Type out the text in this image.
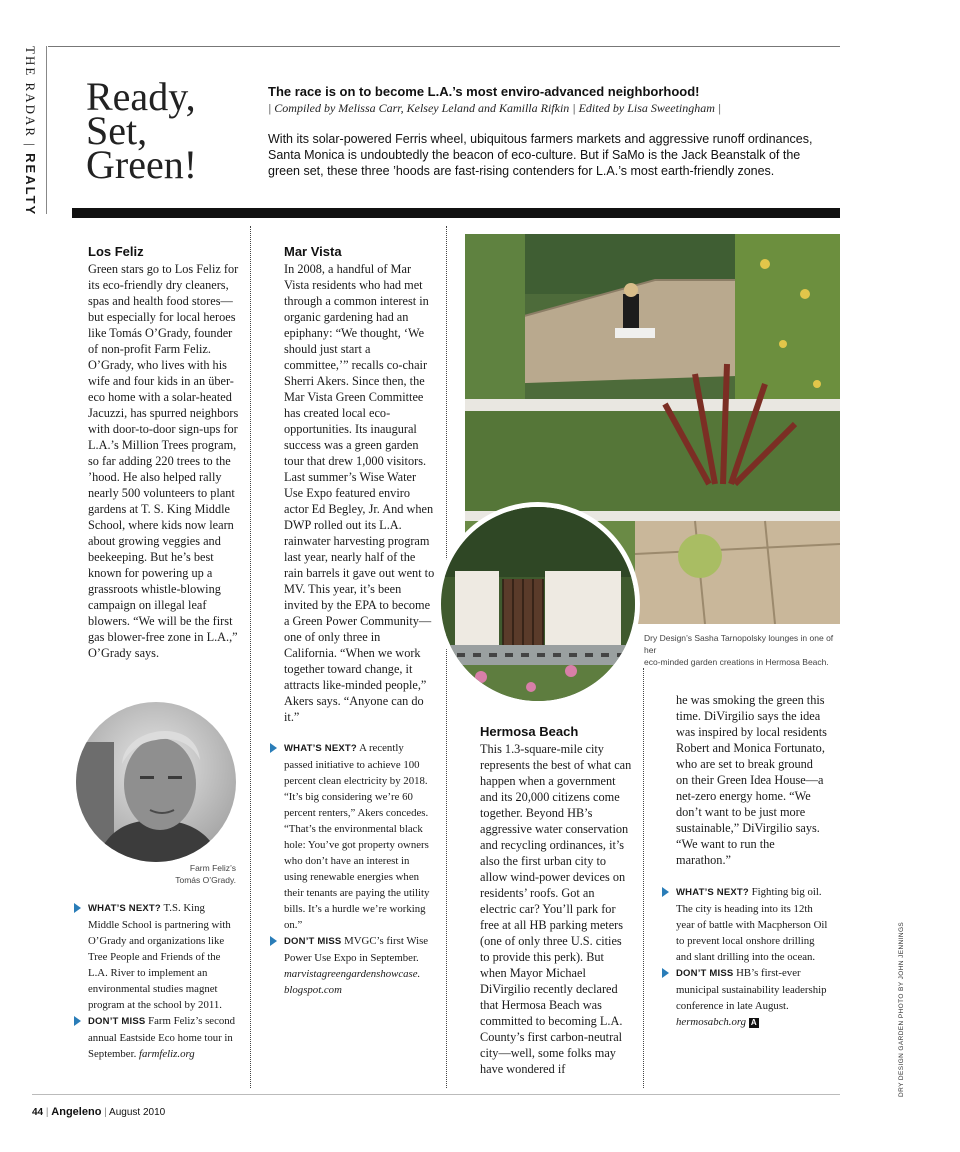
THE RADAR | REALTY
Ready,
Set,
Green!
The race is on to become L.A.’s most enviro-advanced neighborhood!
| Compiled by Melissa Carr, Kelsey Leland and Kamilla Rifkin | Edited by Lisa Sweetingham |
With its solar-powered Ferris wheel, ubiquitous farmers markets and aggressive runoff ordinances, Santa Monica is undoubtedly the beacon of eco-culture. But if SaMo is the Jack Beanstalk of the green set, these three ’hoods are fast-rising contenders for L.A.’s most earth-friendly zones.
Los Feliz

Green stars go to Los Feliz for its eco-friendly dry cleaners, spas and health food stores—but especially for local heroes like Tomás O’Grady, founder of non-profit Farm Feliz. O’Grady, who lives with his wife and four kids in an über-eco home with a solar-heated Jacuzzi, has spurred neighbors with door-to-door sign-ups for L.A.’s Million Trees program, so far adding 220 trees to the ’hood. He also helped rally nearly 500 volunteers to plant gardens at T. S. King Middle School, where kids now learn about growing veggies and beekeeping. But he’s best known for powering up a grassroots whistle-blowing campaign on illegal leaf blowers. “We will be the first gas blower-free zone in L.A.,” O’Grady says.

Farm Feliz’s
Tomás O’Grady.
WHAT’S NEXT? T.S. King Middle School is partnering with O’Grady and organizations like Tree People and Friends of the L.A. River to implement an environmental studies magnet program at the school by 2011.
DON’T MISS Farm Feliz’s second annual Eastside Eco home tour in September. farmfeliz.org
Mar Vista

In 2008, a handful of Mar Vista residents who had met through a common interest in organic gardening had an epiphany: “We thought, ‘We should just start a committee,’” recalls co-chair Sherri Akers. Since then, the Mar Vista Green Committee has created local eco-opportunities. Its inaugural success was a green garden tour that drew 1,000 visitors. Last summer’s Wise Water Use Expo featured enviro actor Ed Begley, Jr. And when DWP rolled out its L.A. rainwater harvesting program last year, nearly half of the rain barrels it gave out went to MV. This year, it’s been invited by the EPA to become a Green Power Community—one of only three in California. “When we work together toward change, it attracts like-minded people,” Akers says. “Anyone can do it.”

WHAT’S NEXT? A recently passed initiative to achieve 100 percent clean electricity by 2018. “It’s big considering we’re 60 percent renters,” Akers concedes. “That’s the environmental black hole: You’ve got property owners who don’t have an interest in using renewable energies when their tenants are paying the utility bills. It’s a hurdle we’re working on.”
DON’T MISS MVGC’s first Wise Power Use Expo in September. marvistagreengardenshowcase. blogspot.com
Dry Design’s Sasha Tarnopolsky lounges in one of her
eco-minded garden creations in Hermosa Beach.
Hermosa Beach

This 1.3-square-mile city represents the best of what can happen when a government and its 20,000 citizens come together. Beyond HB’s aggressive water conservation and recycling ordinances, it’s also the first urban city to allow wind-power devices on residents’ roofs. Got an electric car? You’ll park for free at all HB parking meters (one of only three U.S. cities to provide this perk). But when Mayor Michael DiVirgilio recently declared that Hermosa Beach was committed to becoming L.A. County’s first carbon-neutral city—well, some folks may have wondered if

he was smoking the green this time. DiVirgilio says the idea was inspired by local residents Robert and Monica Fortunato, who are set to break ground on their Green Idea House—a net-zero energy home. “We don’t want to be just more sustainable,” DiVirgilio says. “We want to run the marathon.”

WHAT’S NEXT? Fighting big oil. The city is heading into its 12th year of battle with Macpherson Oil to prevent local onshore drilling and slant drilling into the ocean.
DON’T MISS HB’s first-ever municipal sustainability leadership conference in late August. hermosabch.org A	DRY DESIGN GARDEN PHOTO BY JOHN JENNINGS
44 | Angeleno | August 2010
